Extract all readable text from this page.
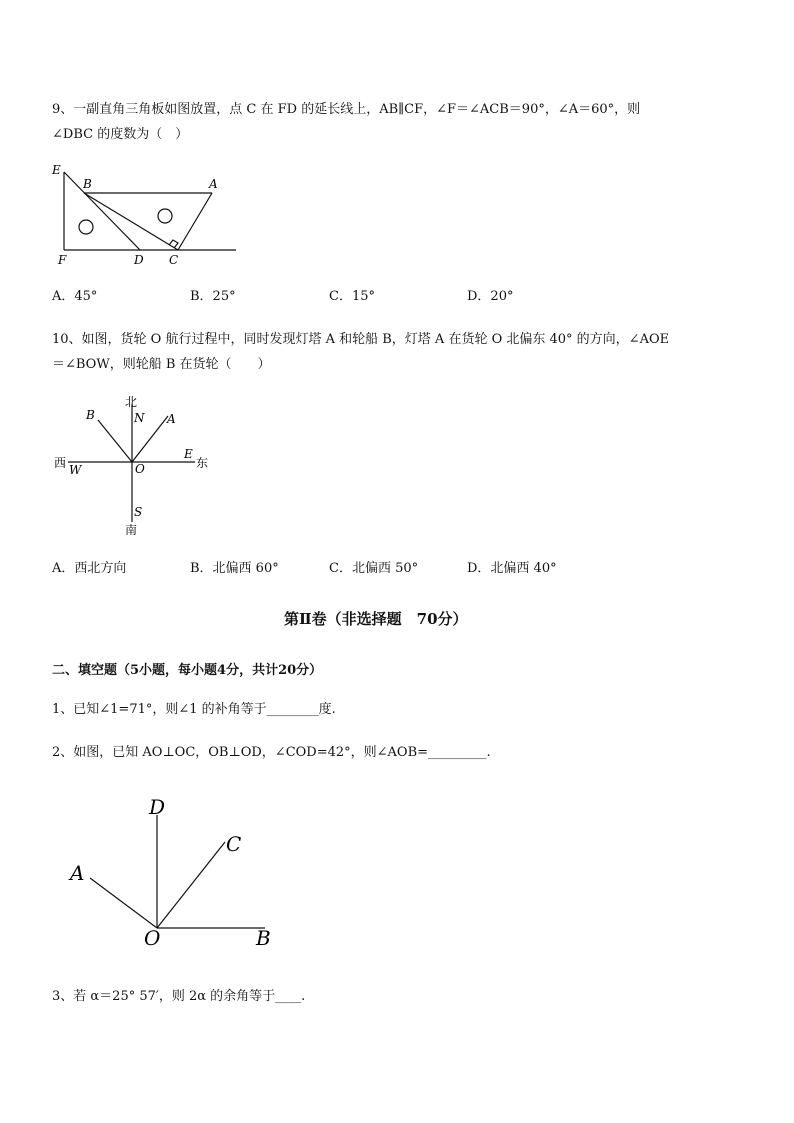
9、一副直角三角板如图放置，点 C 在 FD 的延长线上，AB∥CF，∠F＝∠ACB＝90°，∠A＝60°，则
∠DBC 的度数为（　）
E
B	A
F	D C
A．45°	B．25°	C．15°	D．20°
10、如图，货轮 O 航行过程中，同时发现灯塔 A 和轮船 B，灯塔 A 在货轮 O 北偏东 40° 的方向，∠AOE
＝∠BOW，则轮船 B 在货轮（　　）
北
N
B	A
西 W	O
E
东
S
南
A．西北方向	B．北偏西 60°	C．北偏西 50°	D．北偏西 40°
第Ⅱ卷（非选择题　70分）
二、填空题（5小题，每小题4分，共计20分）
1、已知∠1=71°，则∠1 的补角等于________度.
2、如图，已知 AO⊥OC，OB⊥OD，∠COD=42°，则∠AOB=_________.
D
C
A
O	B
3、若 α＝25° 57′，则 2α 的余角等于____.
